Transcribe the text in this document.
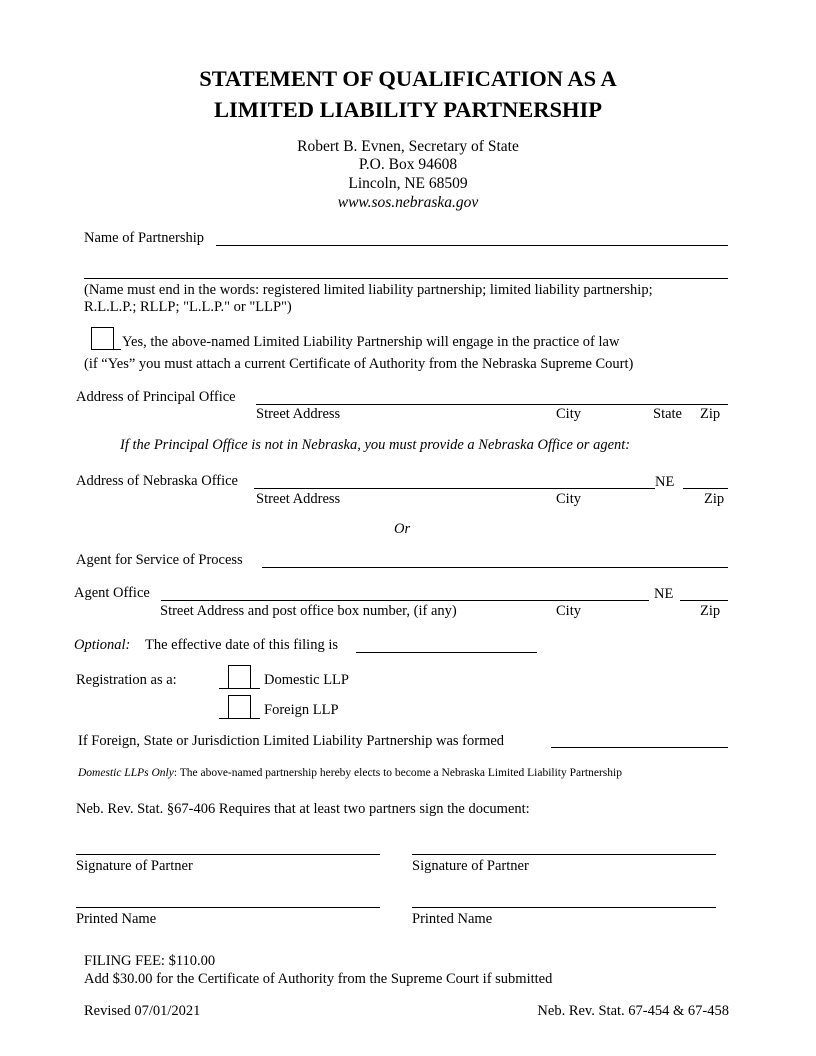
STATEMENT OF QUALIFICATION AS A
LIMITED LIABILITY PARTNERSHIP
Robert B. Evnen, Secretary of State
P.O. Box 94608
Lincoln, NE 68509
www.sos.nebraska.gov
Name of Partnership
(Name must end in the words: registered limited liability partnership; limited liability partnership;
R.L.L.P.; RLLP; "L.L.P." or "LLP")
Yes, the above-named Limited Liability Partnership will engage in the practice of law
(if “Yes” you must attach a current Certificate of Authority from the Nebraska Supreme Court)
Address of Principal Office
Street Address	City	State Zip
If the Principal Office is not in Nebraska, you must provide a Nebraska Office or agent:
Address of Nebraska Office	NE
Street Address	City	Zip
Or
Agent for Service of Process
Agent Office	NE
Street Address and post office box number, (if any)	City	Zip
Optional: The effective date of this filing is
Registration as a:	Domestic LLP
Foreign LLP
If Foreign, State or Jurisdiction Limited Liability Partnership was formed
Domestic LLPs Only: The above-named partnership hereby elects to become a Nebraska Limited Liability Partnership
Neb. Rev. Stat. §67-406 Requires that at least two partners sign the document:
Signature of Partner	Signature of Partner
Printed Name	Printed Name
FILING FEE: $110.00
Add $30.00 for the Certificate of Authority from the Supreme Court if submitted
Revised 07/01/2021	Neb. Rev. Stat. 67-454 & 67-458
